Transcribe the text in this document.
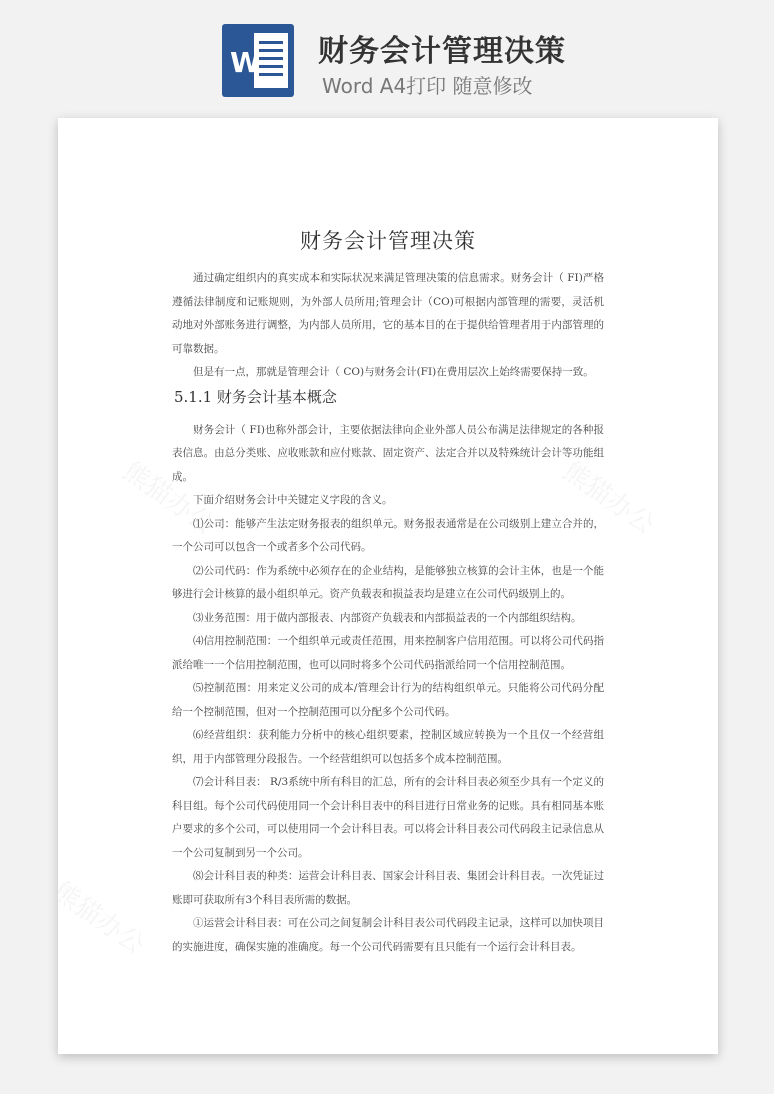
W 财务会计管理决策
Word A4打印 随意修改
财务会计管理决策

通过确定组织内的真实成本和实际状况来满足管理决策的信息需求。财务会计（ FI)严格遵循法律制度和记账规则，为外部人员所用;管理会计（CO)可根据内部管理的需要，灵活机动地对外部账务进行调整，为内部人员所用，它的基本目的在于提供给管理者用于内部管理的可靠数据。

但是有一点，那就是管理会计（ CO)与财务会计(FI)在费用层次上始终需要保持一致。

5.1.1 财务会计基本概念

财务会计（ FI)也称外部会计，主要依据法律向企业外部人员公布满足法律规定的各种报表信息。由总分类账、应收账款和应付账款、固定资产、法定合并以及特殊统计会计等功能组成。

下面介绍财务会计中关键定义字段的含义。

⑴公司：能够产生法定财务报表的组织单元。财务报表通常是在公司级别上建立合并的，一个公司可以包含一个或者多个公司代码。

⑵公司代码：作为系统中必须存在的企业结构，是能够独立核算的会计主体，也是一个能够进行会计核算的最小组织单元。资产负载表和损益表均是建立在公司代码级别上的。

⑶业务范围：用于做内部报表、内部资产负载表和内部损益表的一个内部组织结构。

⑷信用控制范围：一个组织单元或责任范围，用来控制客户信用范围。可以将公司代码指派给唯一一个信用控制范围，也可以同时将多个公司代码指派给同一个信用控制范围。

⑸控制范围：用来定义公司的成本/管理会计行为的结构组织单元。只能将公司代码分配给一个控制范围，但对一个控制范围可以分配多个公司代码。

⑹经营组织：获利能力分析中的核心组织要素，控制区域应转换为一个且仅一个经营组织，用于内部管理分段报告。一个经营组织可以包括多个成本控制范围。

⑺会计科目表： R/3系统中所有科目的汇总，所有的会计科目表必须至少具有一个定义的科目组。每个公司代码使用同一个会计科目表中的科目进行日常业务的记账。具有相同基本账户要求的多个公司，可以使用同一个会计科目表。可以将会计科目表公司代码段主记录信息从一个公司复制到另一个公司。

⑻会计科目表的种类：运营会计科目表、国家会计科目表、集团会计科目表。一次凭证过账即可获取所有3个科目表所需的数据。

①运营会计科目表：可在公司之间复制会计科目表公司代码段主记录，这样可以加快项目的实施进度，确保实施的准确度。每一个公司代码需要有且只能有一个运行会计科目表。
